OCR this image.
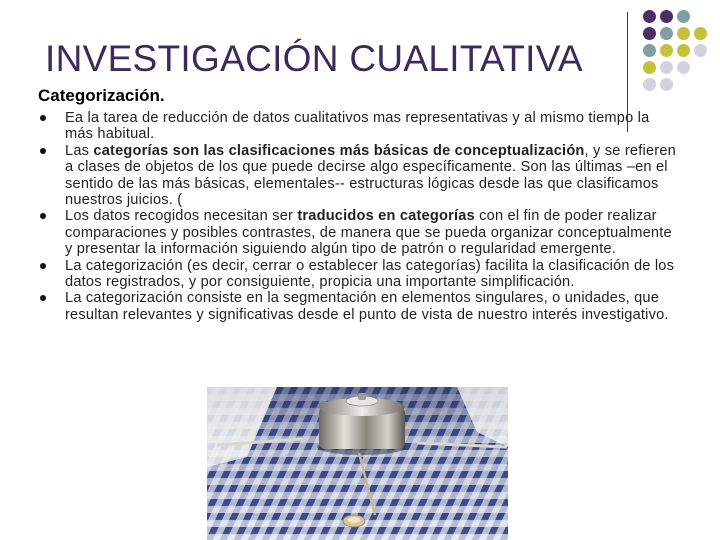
INVESTIGACIÓN CUALITATIVA
Categorización.
Ea la tarea de reducción de datos cualitativos mas representativas y al mismo tiempo la más habitual.
Las categorías son las clasificaciones más básicas de conceptualización, y se refieren a clases de objetos de los que puede decirse algo específicamente. Son las últimas –en el sentido de las más básicas, elementales-- estructuras lógicas desde las que clasificamos nuestros juicios. (
Los datos recogidos necesitan ser traducidos en categorías con el fin de poder realizar comparaciones y posibles contrastes, de manera que se pueda organizar conceptualmente y presentar la información siguiendo algún tipo de patrón o regularidad emergente.
La categorización (es decir, cerrar o establecer las categorías) facilita la clasificación de los datos registrados, y por consiguiente, propicia una importante simplificación.
La categorización consiste en la segmentación en elementos singulares, o unidades, que resultan relevantes y significativas desde el punto de vista de nuestro interés investigativo.
